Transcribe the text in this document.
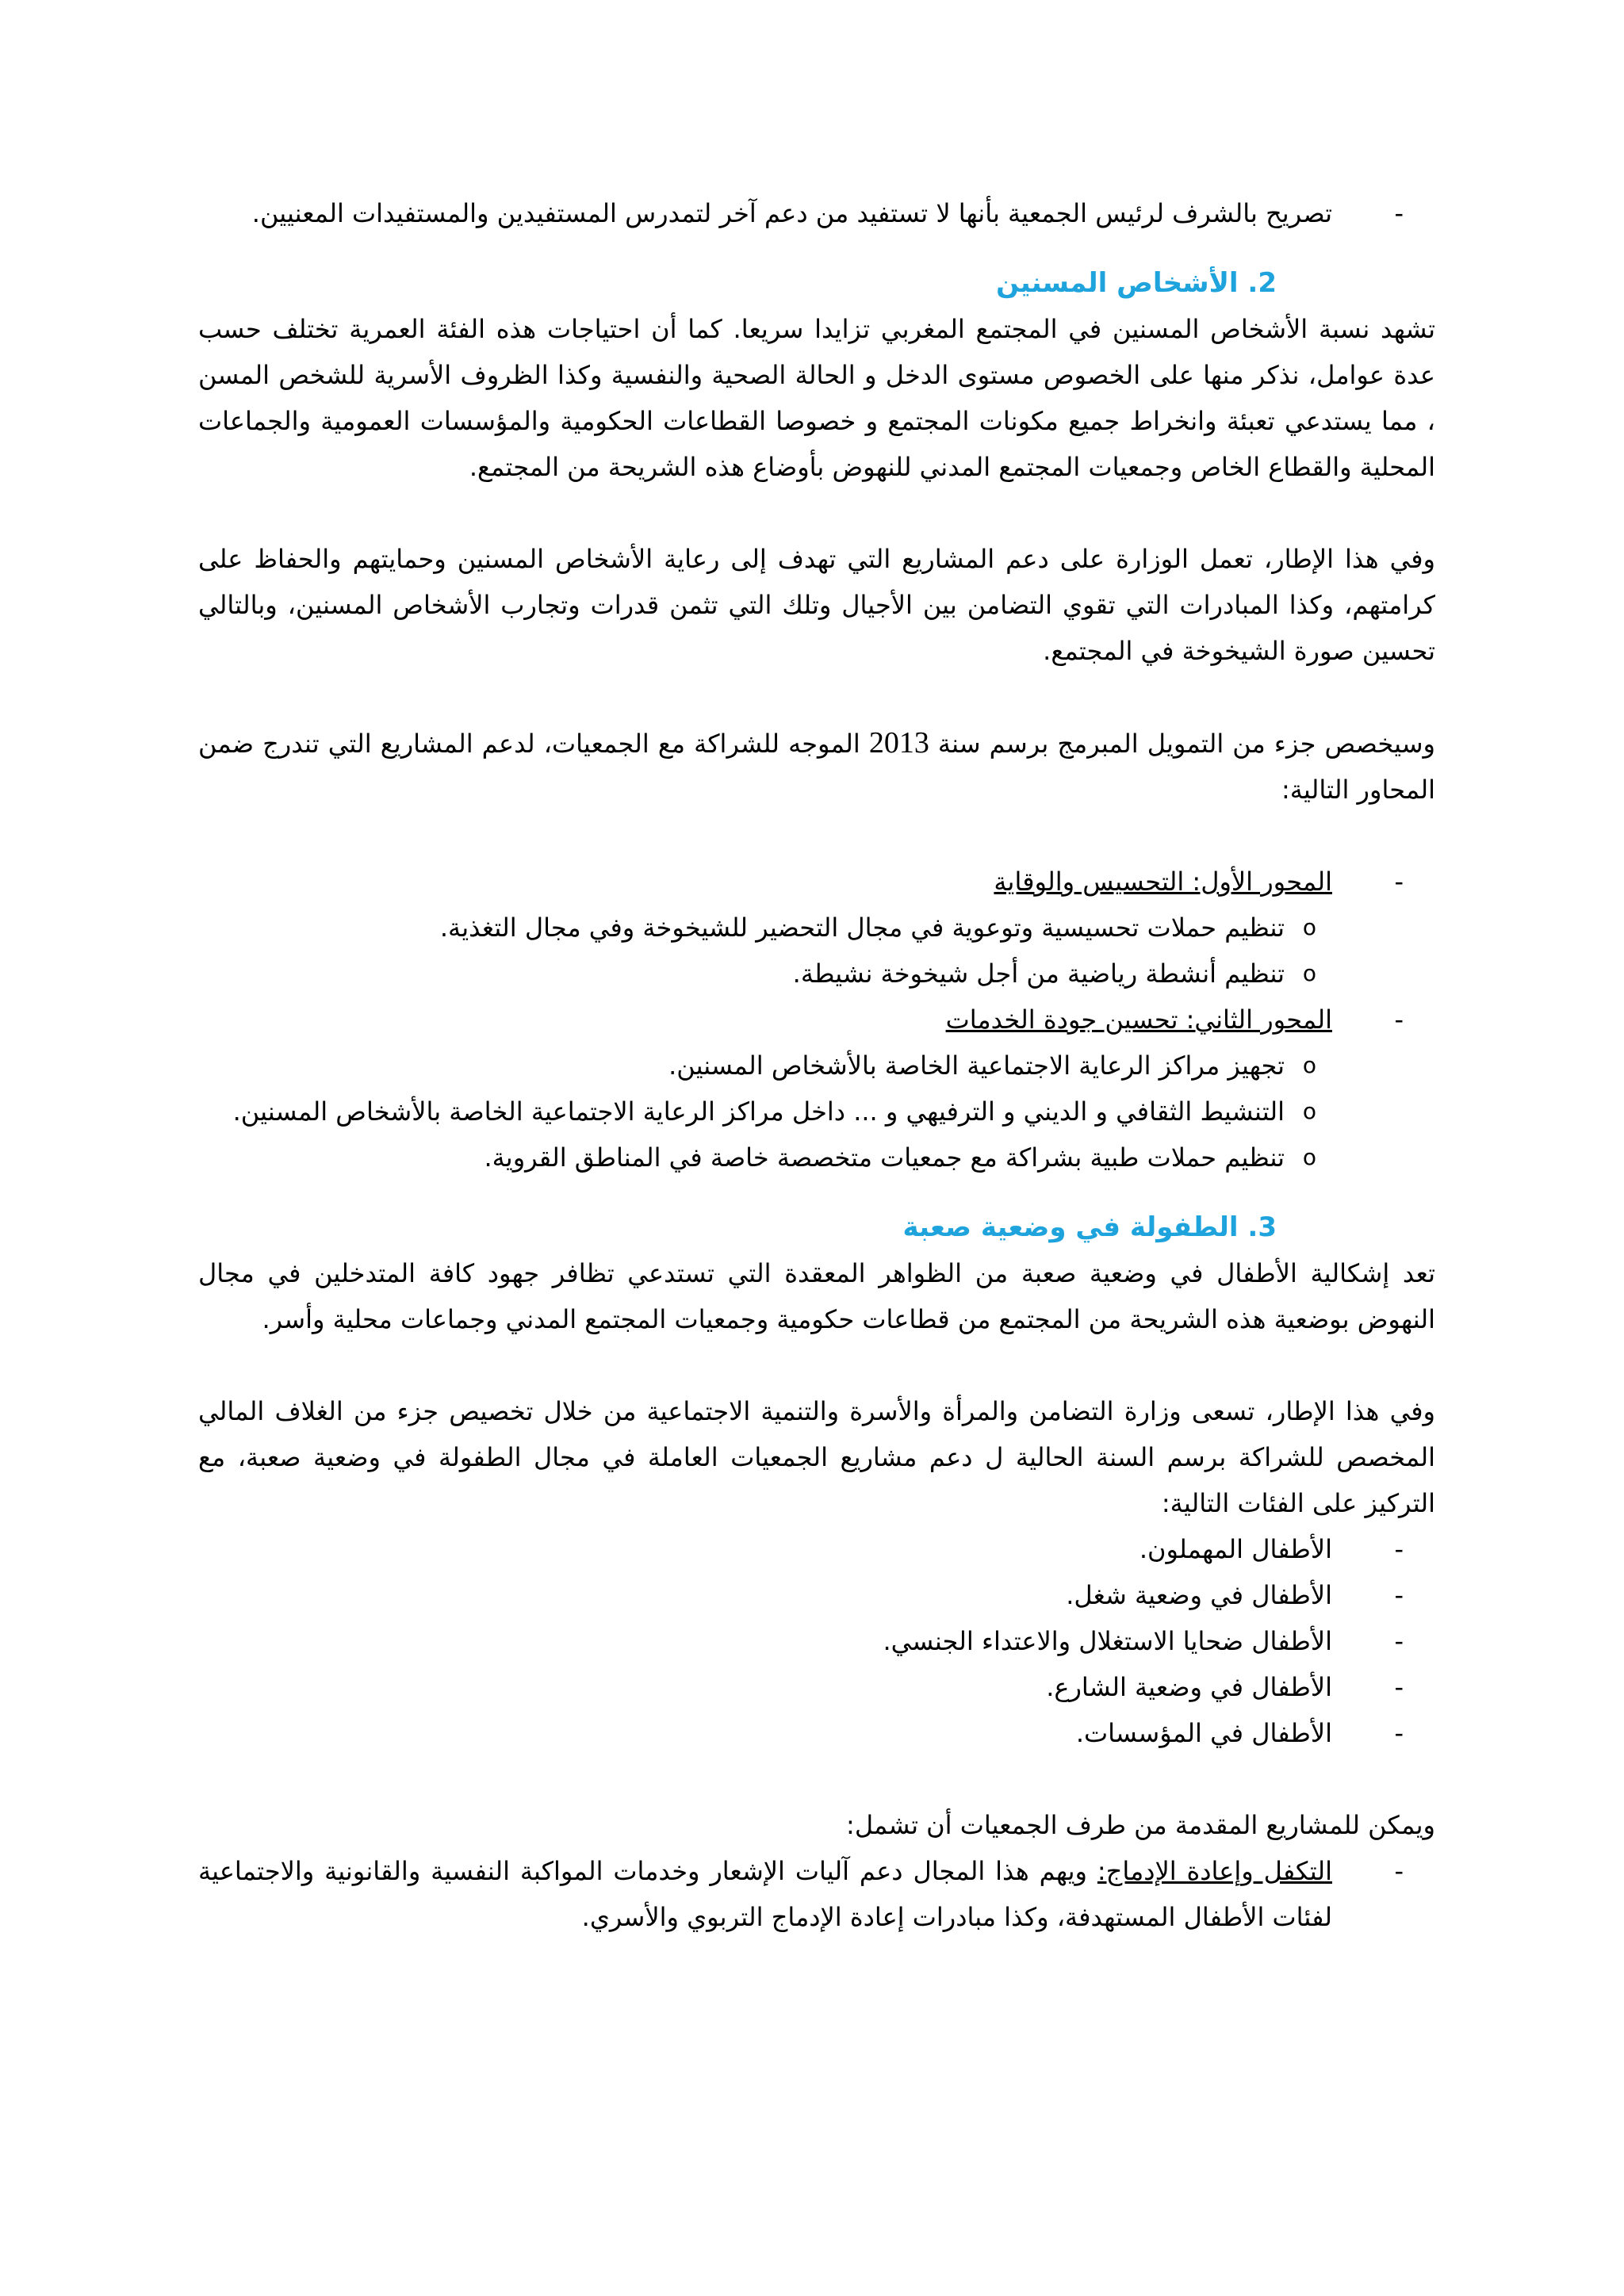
-
تصريح بالشرف لرئيس الجمعية بأنها لا تستفيد من دعم آخر لتمدرس المستفيدين والمستفيدات المعنيين.
2. الأشخاص المسنين
تشهد نسبة الأشخاص المسنين في المجتمع المغربي تزايدا سريعا. كما أن احتياجات هذه الفئة العمرية تختلف حسب عدة عوامل، نذكر منها على الخصوص مستوى الدخل و الحالة الصحية والنفسية وكذا الظروف الأسرية للشخص المسن ، مما يستدعي تعبئة وانخراط جميع مكونات المجتمع و خصوصا القطاعات الحكومية والمؤسسات العمومية والجماعات المحلية والقطاع الخاص وجمعيات المجتمع المدني للنهوض بأوضاع هذه الشريحة من المجتمع.
وفي هذا الإطار، تعمل الوزارة على دعم المشاريع التي تهدف إلى رعاية الأشخاص المسنين وحمايتهم والحفاظ على كرامتهم، وكذا المبادرات التي تقوي التضامن بين الأجيال وتلك التي تثمن قدرات وتجارب الأشخاص المسنين، وبالتالي تحسين صورة الشيخوخة في المجتمع.
وسيخصص جزء من التمويل المبرمج برسم سنة 2013 الموجه للشراكة مع الجمعيات، لدعم المشاريع التي تندرج ضمن المحاور التالية:
-
المحور الأول: التحسيس والوقاية
o
تنظيم حملات تحسيسية وتوعوية في مجال التحضير للشيخوخة وفي مجال التغذية.
o
تنظيم أنشطة رياضية من أجل شيخوخة نشيطة.
-
المحور الثاني: تحسين جودة الخدمات
o
تجهيز مراكز الرعاية الاجتماعية الخاصة بالأشخاص المسنين.
o
التنشيط الثقافي و الديني و الترفيهي و ... داخل مراكز الرعاية الاجتماعية الخاصة بالأشخاص المسنين.
o
تنظيم حملات طبية بشراكة مع جمعيات متخصصة خاصة في المناطق القروية.
3. الطفولة في وضعية صعبة
تعد إشكالية الأطفال في وضعية صعبة من الظواهر المعقدة التي تستدعي تظافر جهود كافة المتدخلين في مجال النهوض بوضعية هذه الشريحة من المجتمع من قطاعات حكومية وجمعيات المجتمع المدني وجماعات محلية وأسر.
وفي هذا الإطار، تسعى وزارة التضامن والمرأة والأسرة والتنمية الاجتماعية من خلال تخصيص جزء من الغلاف المالي المخصص للشراكة برسم السنة الحالية ل دعم مشاريع الجمعيات العاملة في مجال الطفولة في وضعية صعبة، مع التركيز على الفئات التالية:
-
الأطفال المهملون.
-
الأطفال في وضعية شغل.
-
الأطفال ضحايا الاستغلال والاعتداء الجنسي.
-
الأطفال في وضعية الشارع.
-
الأطفال في المؤسسات.
ويمكن للمشاريع المقدمة من طرف الجمعيات أن تشمل:
-
التكفل وإعادة الإدماج: ويهم هذا المجال دعم آليات الإشعار وخدمات المواكبة النفسية والقانونية والاجتماعية لفئات الأطفال المستهدفة، وكذا مبادرات إعادة الإدماج التربوي والأسري.
